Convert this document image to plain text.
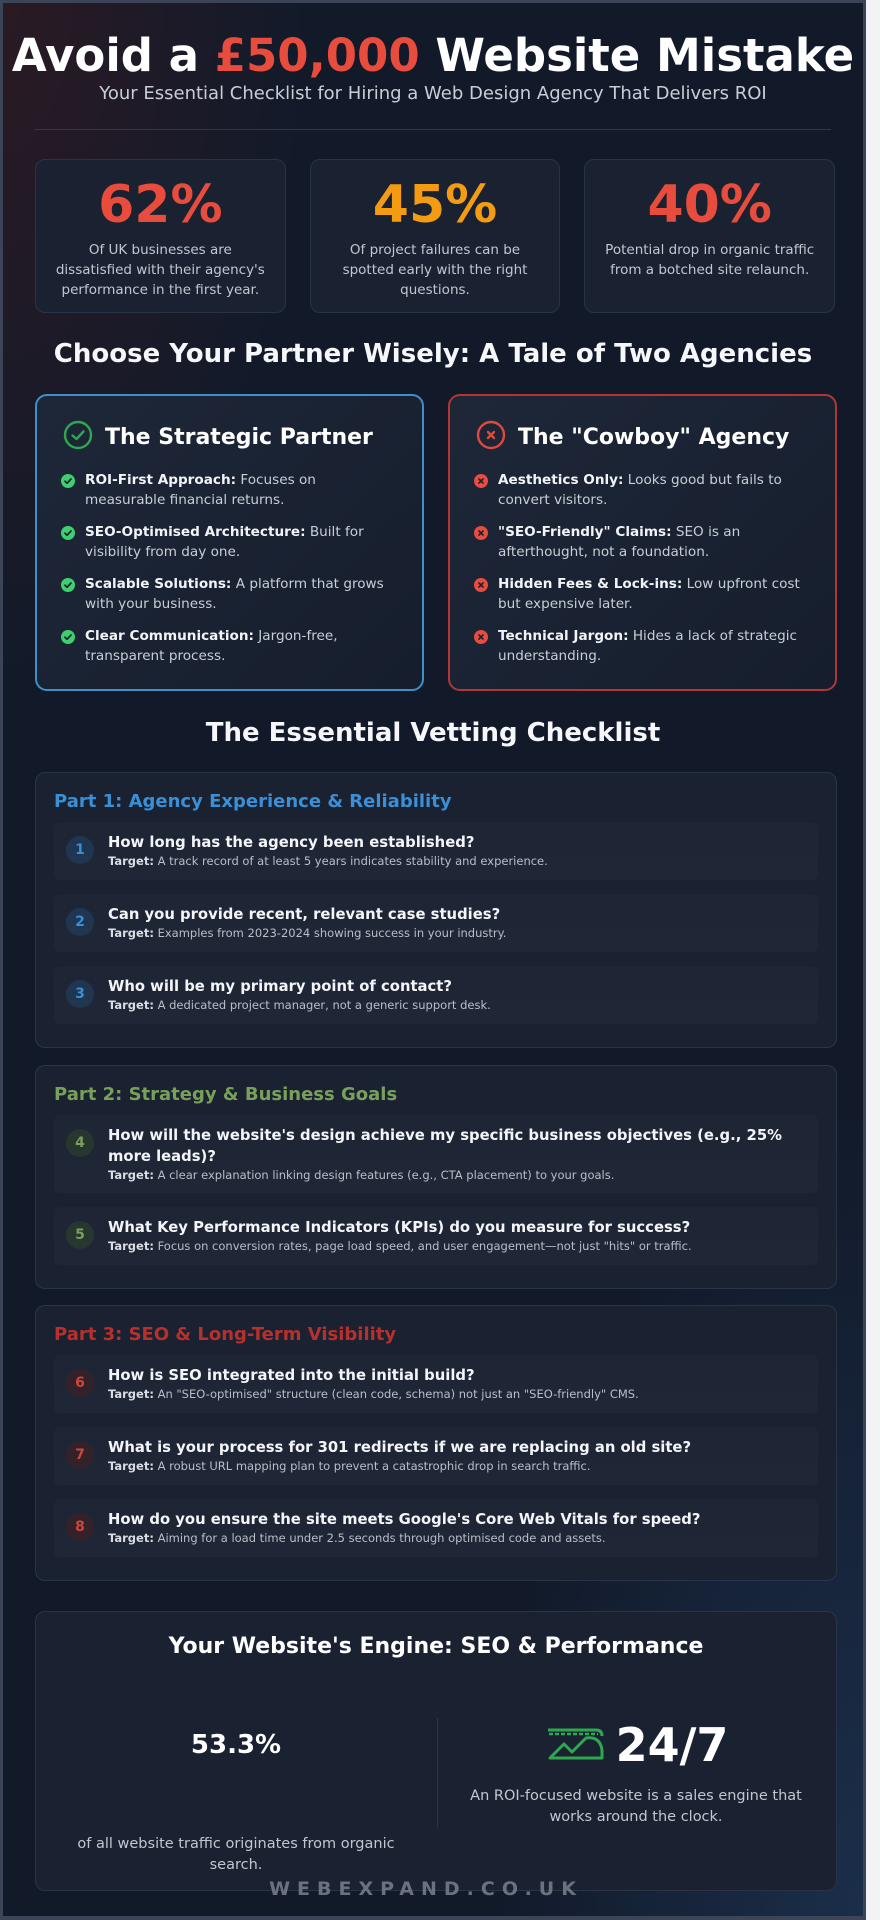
Avoid a £50,000 Website Mistake
Your Essential Checklist for Hiring a Web Design Agency That Delivers ROI
62%
Of UK businesses are dissatisfied with their agency's performance in the first year.
45%
Of project failures can be spotted early with the right questions.
40%
Potential drop in organic traffic from a botched site relaunch.
Choose Your Partner Wisely: A Tale of Two Agencies
The Strategic Partner
ROI-First Approach: Focuses on measurable financial returns.
SEO-Optimised Architecture: Built for visibility from day one.
Scalable Solutions: A platform that grows with your business.
Clear Communication: Jargon-free, transparent process.
The "Cowboy" Agency
Aesthetics Only: Looks good but fails to convert visitors.
"SEO-Friendly" Claims: SEO is an afterthought, not a foundation.
Hidden Fees & Lock-ins: Low upfront cost but expensive later.
Technical Jargon: Hides a lack of strategic understanding.
The Essential Vetting Checklist
Part 1: Agency Experience & Reliability
1	How long has the agency been established?
Target: A track record of at least 5 years indicates stability and experience.
2	Can you provide recent, relevant case studies?
Target: Examples from 2023-2024 showing success in your industry.
3	Who will be my primary point of contact?
Target: A dedicated project manager, not a generic support desk.
Part 2: Strategy & Business Goals
4	How will the website's design achieve my specific business objectives (e.g., 25% more leads)?
Target: A clear explanation linking design features (e.g., CTA placement) to your goals.
5	What Key Performance Indicators (KPIs) do you measure for success?
Target: Focus on conversion rates, page load speed, and user engagement—not just "hits" or traffic.
Part 3: SEO & Long-Term Visibility
6	How is SEO integrated into the initial build?
Target: An "SEO-optimised" structure (clean code, schema) not just an "SEO-friendly" CMS.
7	What is your process for 301 redirects if we are replacing an old site?
Target: A robust URL mapping plan to prevent a catastrophic drop in search traffic.
8	How do you ensure the site meets Google's Core Web Vitals for speed?
Target: Aiming for a load time under 2.5 seconds through optimised code and assets.
Your Website's Engine: SEO & Performance
53.3%
of all website traffic originates from organic search.
24/7
An ROI-focused website is a sales engine that works around the clock.
WEBEXPAND.CO.UK
